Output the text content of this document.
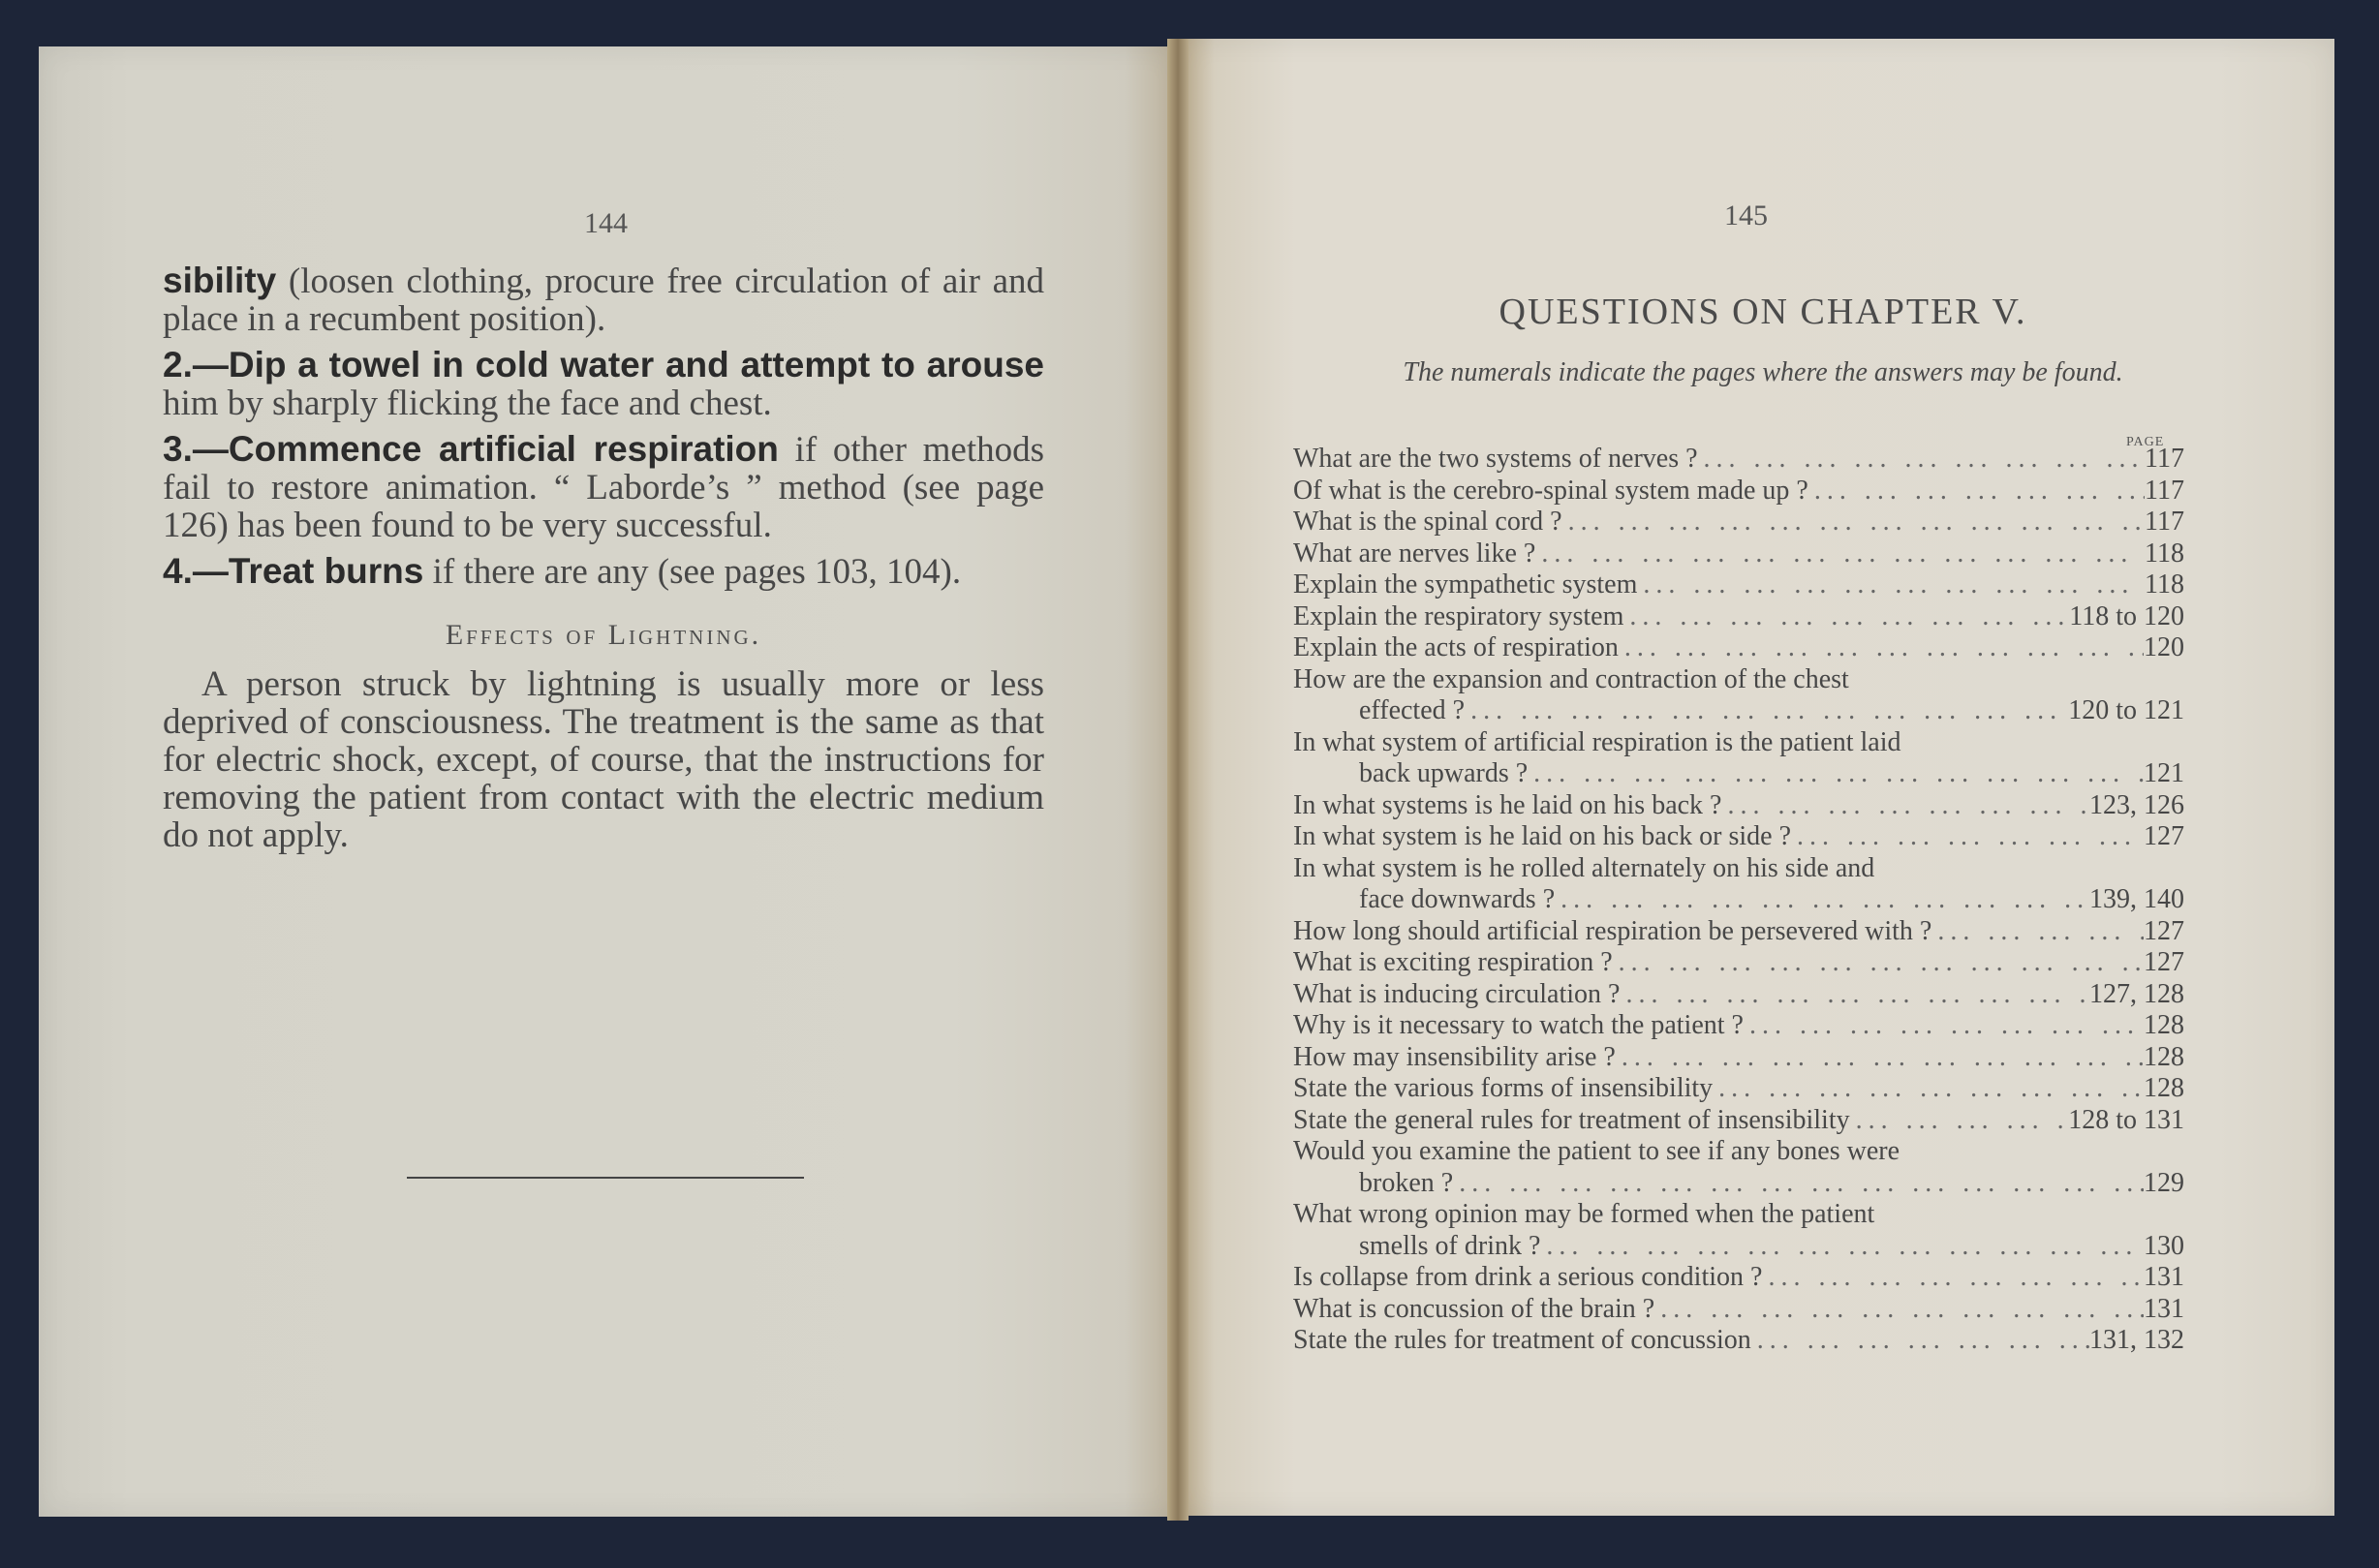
144

sibility (loosen clothing, procure free circulation of air and place in a recumbent position).

2.—Dip a towel in cold water and attempt to arouse him by sharply flicking the face and chest.

3.—Commence artificial respiration if other methods fail to restore animation. “ Laborde’s ” method (see page 126) has been found to be very successful.

4.—Treat burns if there are any (see pages 103, 104).

Effects of Lightning.

A person struck by lightning is usually more or less deprived of consciousness. The treatment is the same as that for electric shock, except, of course, that the instructions for removing the patient from contact with the electric medium do not apply.

145
QUESTIONS ON CHAPTER V.
The numerals indicate the pages where the answers may be found.
PAGE
What are the two systems of nerves ? ... .	117
Of what is the cerebro-spinal system made up ? ... .	117
What is the spinal cord ? ... .	117
What are nerves like ? ... .	118
Explain the sympathetic system ... .	118
Explain the respiratory system ... .	118 to 120
Explain the acts of respiration ... .	120
How are the expansion and contraction of the chest
effected ? ... .	120 to 121
In what system of artificial respiration is the patient laid
back upwards ? ... .	121
In what systems is he laid on his back ? ... .	123, 126
In what system is he laid on his back or side ? ... .	127
In what system is he rolled alternately on his side and
face downwards ? ... .	139, 140
How long should artificial respiration be persevered with ? ... .	127
What is exciting respiration ? ... .	127
What is inducing circulation ? ... .	127, 128
Why is it necessary to watch the patient ? ... .	128
How may insensibility arise ? ... .	128
State the various forms of insensibility ... .	128
State the general rules for treatment of insensibility ... .	128 to 131
Would you examine the patient to see if any bones were
broken ? ... .	129
What wrong opinion may be formed when the patient
smells of drink ? ... .	130
Is collapse from drink a serious condition ? ... .	131
What is concussion of the brain ? ... .	131
State the rules for treatment of concussion ... .	131, 132
